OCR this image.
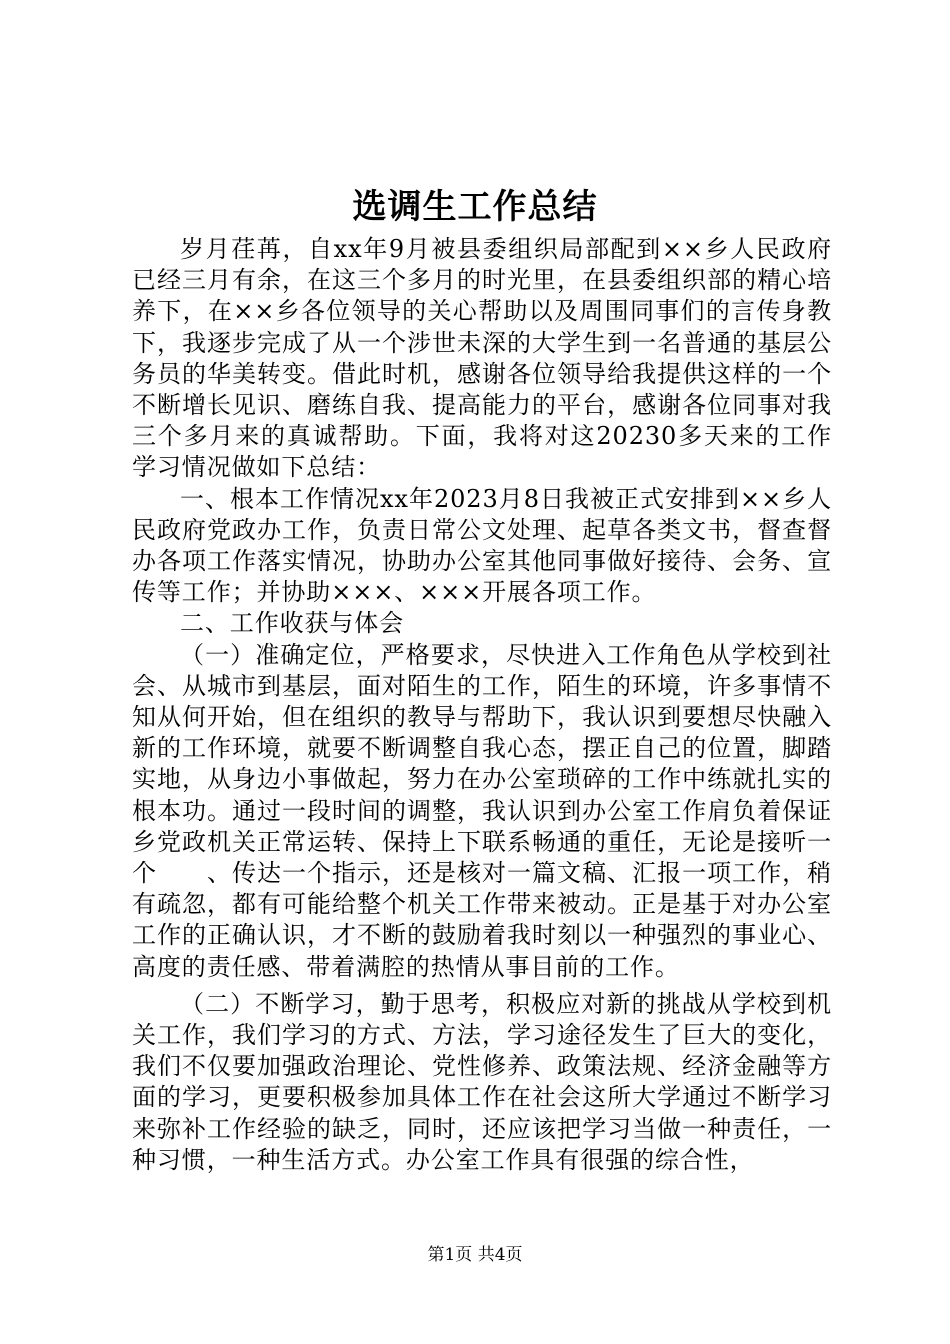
选调生工作总结

岁月荏苒，自xx年9月被县委组织局部配到××乡人民政府已经三月有余，在这三个多月的时光里，在县委组织部的精心培养下，在××乡各位领导的关心帮助以及周围同事们的言传身教下，我逐步完成了从一个涉世未深的大学生到一名普通的基层公务员的华美转变。借此时机，感谢各位领导给我提供这样的一个不断增长见识、磨练自我、提高能力的平台，感谢各位同事对我三个多月来的真诚帮助。下面，我将对这20230多天来的工作学习情况做如下总结：

一、根本工作情况xx年2023月8日我被正式安排到××乡人民政府党政办工作，负责日常公文处理、起草各类文书，督查督办各项工作落实情况，协助办公室其他同事做好接待、会务、宣传等工作；并协助×××、×××开展各项工作。

二、工作收获与体会

（一）准确定位，严格要求，尽快进入工作角色从学校到社会、从城市到基层，面对陌生的工作，陌生的环境，许多事情不知从何开始，但在组织的教导与帮助下，我认识到要想尽快融入新的工作环境，就要不断调整自我心态，摆正自己的位置，脚踏实地，从身边小事做起，努力在办公室琐碎的工作中练就扎实的根本功。通过一段时间的调整，我认识到办公室工作肩负着保证乡党政机关正常运转、保持上下联系畅通的重任，无论是接听一个　　、传达一个指示，还是核对一篇文稿、汇报一项工作，稍有疏忽，都有可能给整个机关工作带来被动。正是基于对办公室工作的正确认识，才不断的鼓励着我时刻以一种强烈的事业心、高度的责任感、带着满腔的热情从事目前的工作。

（二）不断学习，勤于思考，积极应对新的挑战从学校到机关工作，我们学习的方式、方法，学习途径发生了巨大的变化，我们不仅要加强政治理论、党性修养、政策法规、经济金融等方面的学习，更要积极参加具体工作在社会这所大学通过不断学习来弥补工作经验的缺乏，同时，还应该把学习当做一种责任，一种习惯，一种生活方式。办公室工作具有很强的综合性，

第1页 共4页
